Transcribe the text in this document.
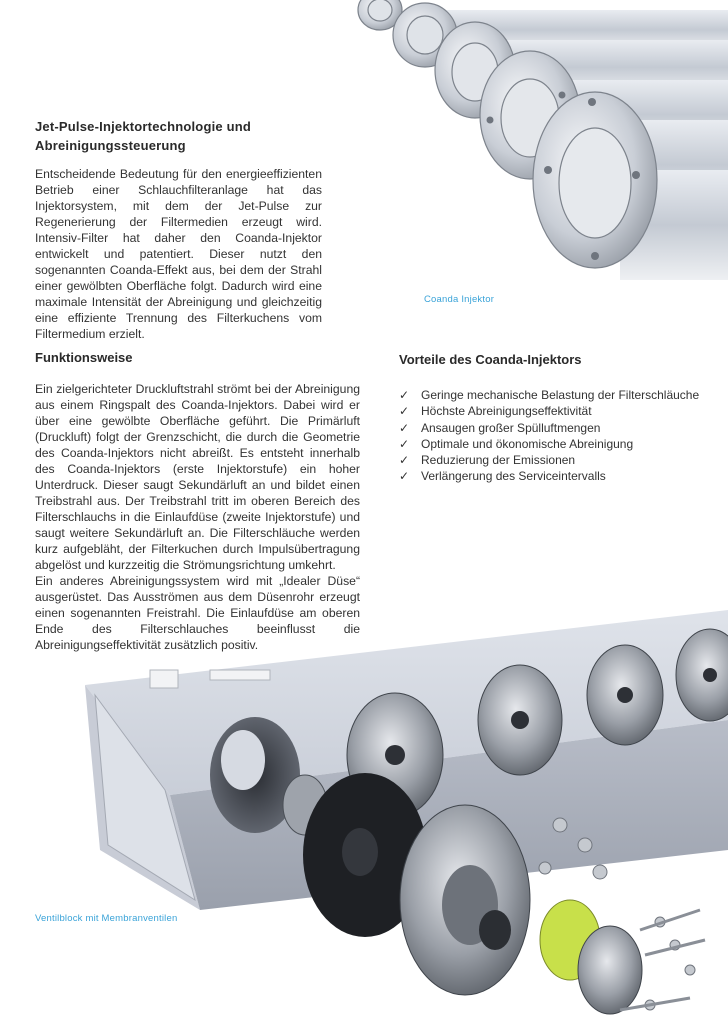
Jet-Pulse-Injektortechnologie und Abreinigungssteuerung
Entscheidende Bedeutung für den energieeffizienten Betrieb einer Schlauchfilteranlage hat das Injektorsystem, mit dem der Jet-Pulse zur Regenerierung der Filtermedien erzeugt wird. Intensiv-Filter hat daher den Coanda-Injektor entwickelt und patentiert. Dieser nutzt den sogenannten Coanda-Effekt aus, bei dem der Strahl einer gewölbten Oberfläche folgt. Dadurch wird eine maximale Intensität der Abreinigung und gleichzeitig eine effiziente Trennung des Filterkuchens vom Filtermedium erzielt.
Coanda Injektor
Funktionsweise
Ein zielgerichteter Druckluftstrahl strömt bei der Abreinigung aus einem Ringspalt des Coanda-Injektors. Dabei wird er über eine gewölbte Oberfläche geführt. Die Primärluft (Druckluft) folgt der Grenzschicht, die durch die Geometrie des Coanda-Injektors nicht abreißt. Es entsteht innerhalb des Coanda-Injektors (erste Injektorstufe) ein hoher Unterdruck. Dieser saugt Sekundärluft an und bildet einen Treibstrahl aus. Der Treibstrahl tritt im oberen Bereich des Filterschlauchs in die Einlaufdüse (zweite Injektorstufe) und saugt weitere Sekundärluft an. Die Filterschläuche werden kurz aufgebläht, der Filterkuchen durch Impulsübertragung abgelöst und kurzzeitig die Strömungsrichtung umkehrt.
Ein anderes Abreinigungssystem wird mit „Idealer Düse“ ausgerüstet. Das Ausströmen aus dem Düsenrohr erzeugt einen sogenannten Freistrahl. Die Einlaufdüse am oberen Ende des Filterschlauches beeinflusst die Abreinigungseffektivität zusätzlich positiv.
Vorteile des Coanda-Injektors
✓ Geringe mechanische Belastung der Filterschläuche
✓ Höchste Abreinigungseffektivität
✓ Ansaugen großer Spülluftmengen
✓ Optimale und ökonomische Abreinigung
✓ Reduzierung der Emissionen
✓ Verlängerung des Serviceintervalls
Ventilblock mit Membranventilen
